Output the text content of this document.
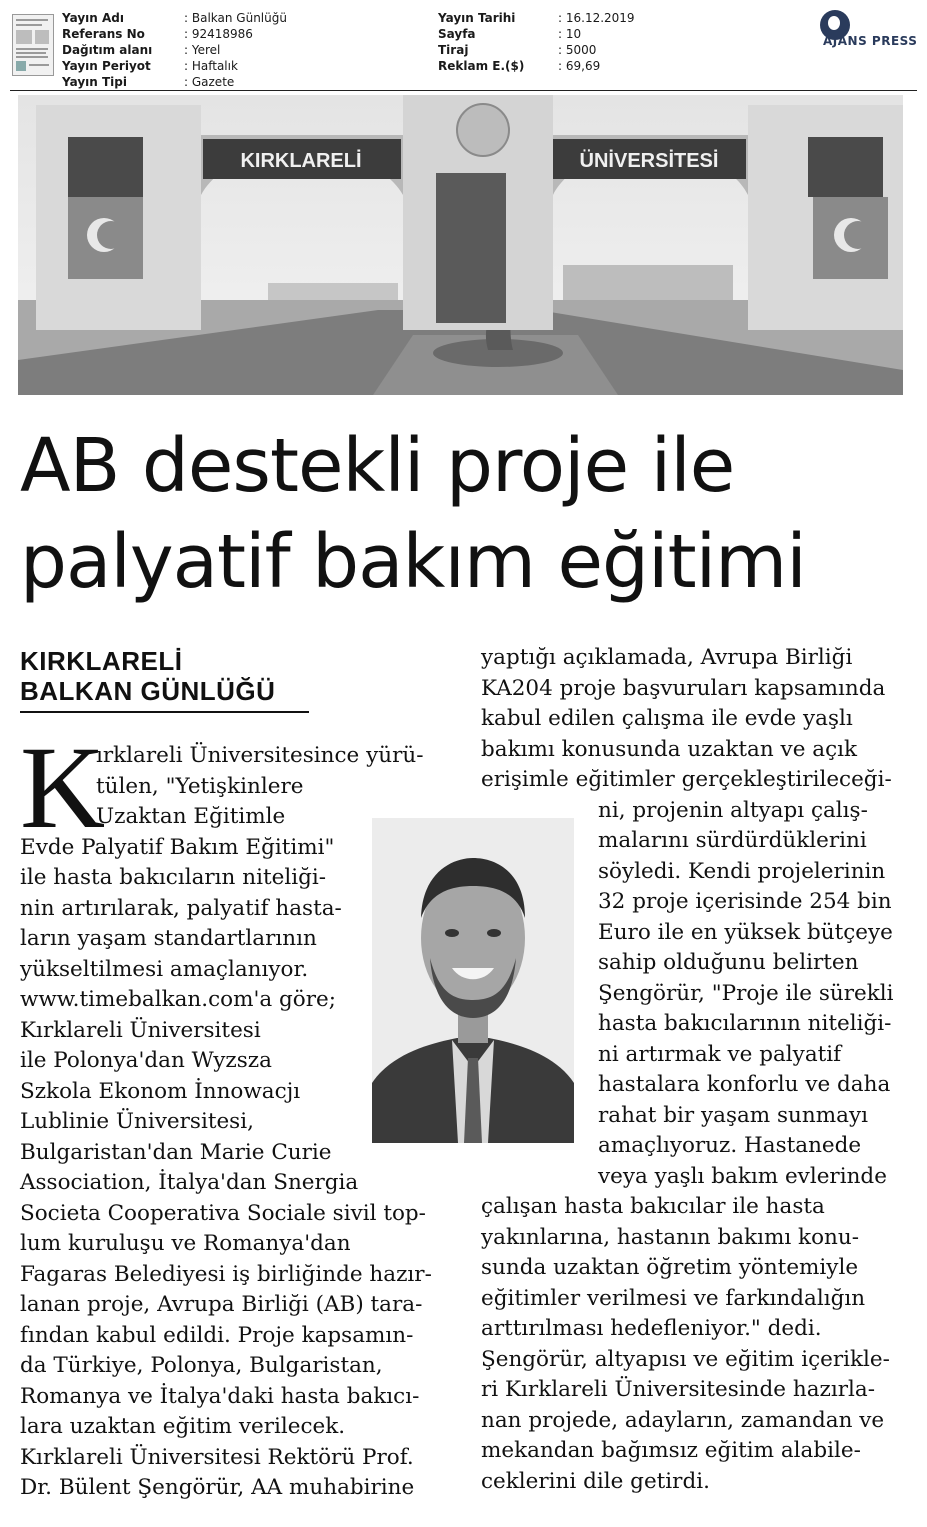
Yayın Adı
Referans No
Dağıtım alanı
Yayın Periyot
Yayın Tipi
: Balkan Günlüğü
: 92418986
: Yerel
: Haftalık
: Gazete
Yayın Tarihi
Sayfa
Tiraj
Reklam E.($)
: 16.12.2019
: 10
: 5000
: 69,69
AJANS PRESS
KIRKLARELİ	ÜNİVERSİTESİ
AB destekli proje ile
palyatif bakım eğitimi
KIRKLARELİ
BALKAN GÜNLÜĞÜ
K
ırklareli Üniversitesince yürü-
tülen, "Yetişkinlere
Uzaktan Eğitimle
Evde Palyatif Bakım Eğitimi"
ile hasta bakıcıların niteliği-
nin artırılarak, palyatif hasta-
ların yaşam standartlarının
yükseltilmesi amaçlanıyor.
www.timebalkan.com'a göre;
Kırklareli Üniversitesi
ile Polonya'dan Wyzsza
Szkola Ekonom İnnowacjı
Lublinie Üniversitesi,
Bulgaristan'dan Marie Curie
Association, İtalya'dan Snergia
Societa Cooperativa Sociale sivil top-
lum kuruluşu ve Romanya'dan
Fagaras Belediyesi iş birliğinde hazır-
lanan proje, Avrupa Birliği (AB) tara-
fından kabul edildi. Proje kapsamın-
da Türkiye, Polonya, Bulgaristan,
Romanya ve İtalya'daki hasta bakıcı-
lara uzaktan eğitim verilecek.
Kırklareli Üniversitesi Rektörü Prof.
Dr. Bülent Şengörür, AA muhabirine
yaptığı açıklamada, Avrupa Birliği
KA204 proje başvuruları kapsamında
kabul edilen çalışma ile evde yaşlı
bakımı konusunda uzaktan ve açık
erişimle eğitimler gerçekleştirileceği-
ni, projenin altyapı çalış-
malarını sürdürdüklerini
söyledi. Kendi projelerinin
32 proje içerisinde 254 bin
Euro ile en yüksek bütçeye
sahip olduğunu belirten
Şengörür, "Proje ile sürekli
hasta bakıcılarının niteliği-
ni artırmak ve palyatif
hastalara konforlu ve daha
rahat bir yaşam sunmayı
amaçlıyoruz. Hastanede
veya yaşlı bakım evlerinde
çalışan hasta bakıcılar ile hasta
yakınlarına, hastanın bakımı konu-
sunda uzaktan öğretim yöntemiyle
eğitimler verilmesi ve farkındalığın
arttırılması hedefleniyor." dedi.
Şengörür, altyapısı ve eğitim içerikle-
ri Kırklareli Üniversitesinde hazırla-
nan projede, adayların, zamandan ve
mekandan bağımsız eğitim alabile-
ceklerini dile getirdi.
